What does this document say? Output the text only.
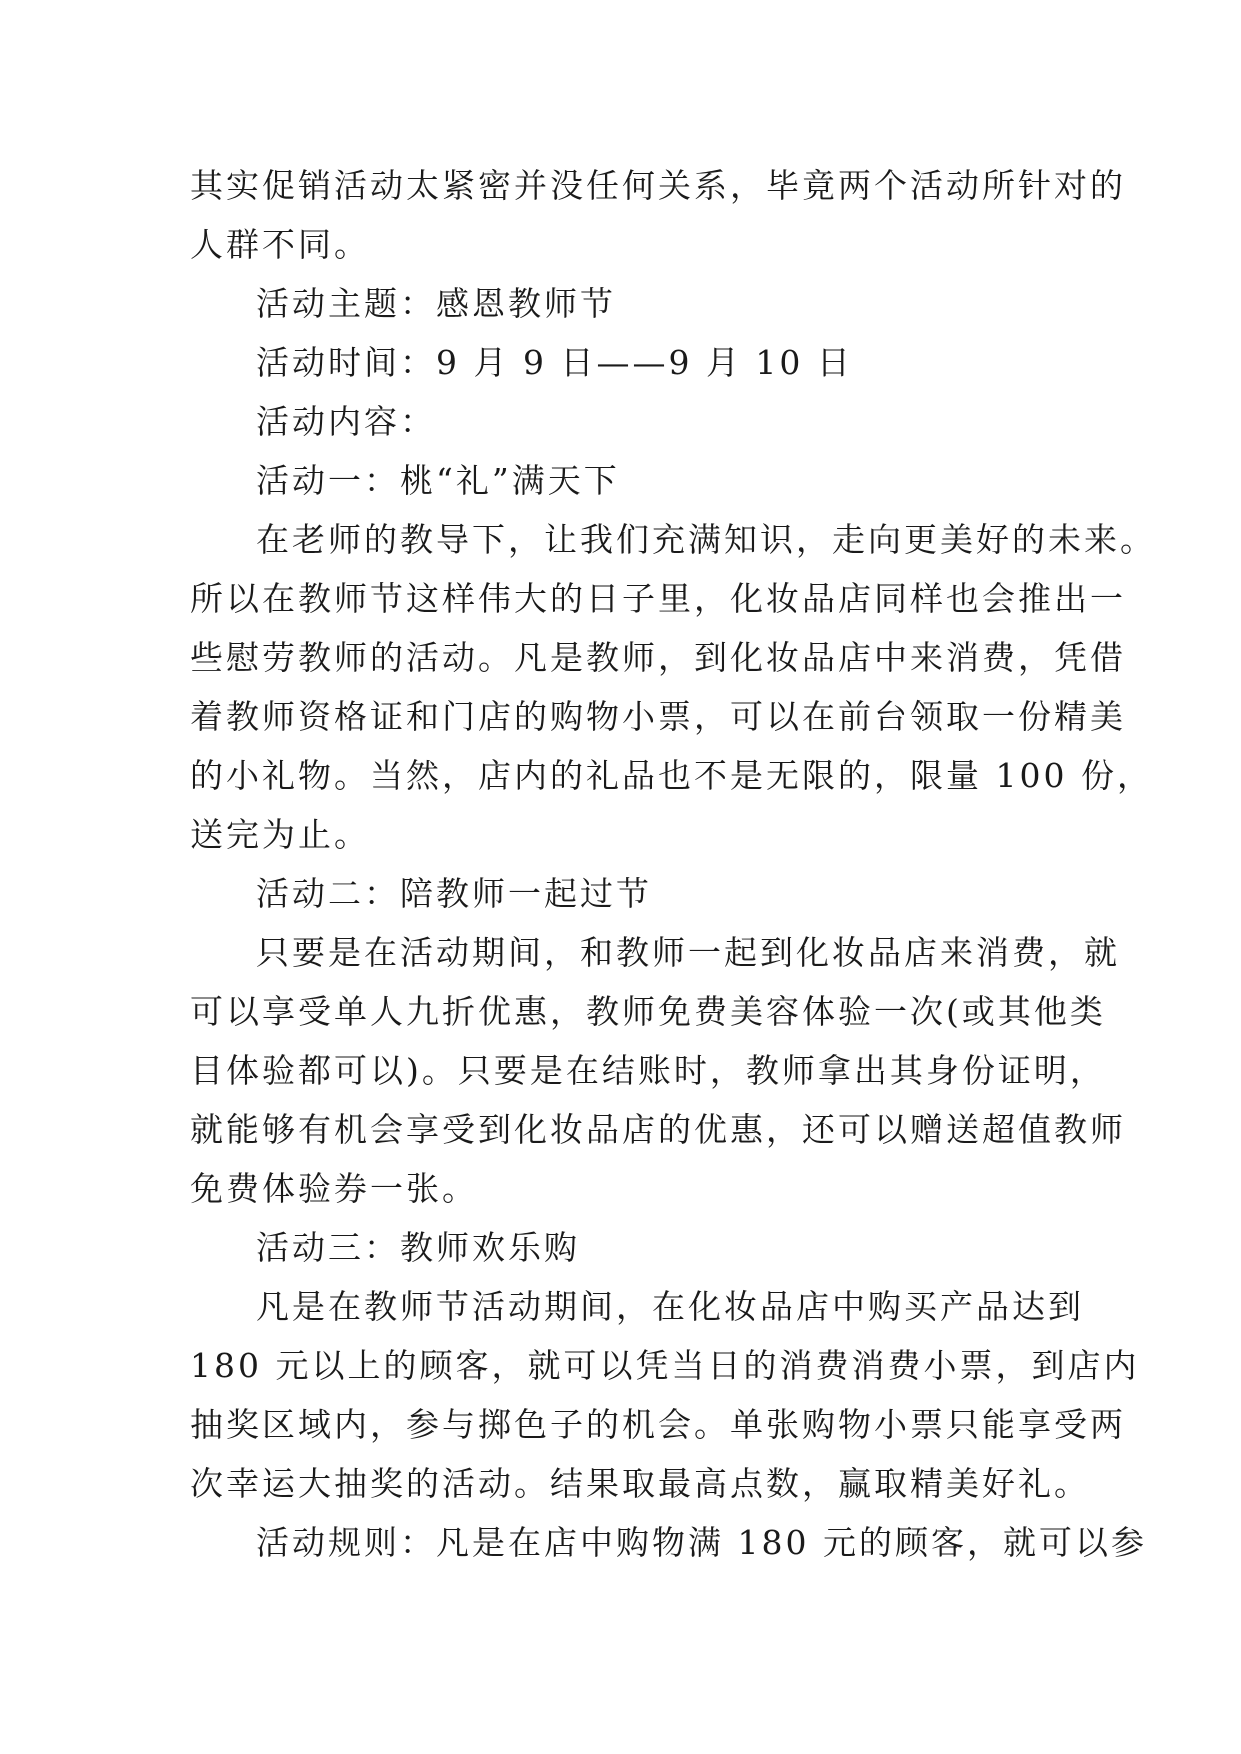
其实促销活动太紧密并没任何关系，毕竟两个活动所针对的
人群不同。
活动主题：感恩教师节
活动时间：9 月 9 日——9 月 10 日
活动内容：
活动一：桃“礼”满天下
在老师的教导下，让我们充满知识，走向更美好的未来。
所以在教师节这样伟大的日子里，化妆品店同样也会推出一
些慰劳教师的活动。凡是教师，到化妆品店中来消费，凭借
着教师资格证和门店的购物小票，可以在前台领取一份精美
的小礼物。当然，店内的礼品也不是无限的，限量 100 份，
送完为止。
活动二：陪教师一起过节
只要是在活动期间，和教师一起到化妆品店来消费，就
可以享受单人九折优惠，教师免费美容体验一次(或其他类
目体验都可以)。只要是在结账时，教师拿出其身份证明，
就能够有机会享受到化妆品店的优惠，还可以赠送超值教师
免费体验券一张。
活动三：教师欢乐购
凡是在教师节活动期间，在化妆品店中购买产品达到
180 元以上的顾客，就可以凭当日的消费消费小票，到店内
抽奖区域内，参与掷色子的机会。单张购物小票只能享受两
次幸运大抽奖的活动。结果取最高点数，赢取精美好礼。
活动规则：凡是在店中购物满 180 元的顾客，就可以参
